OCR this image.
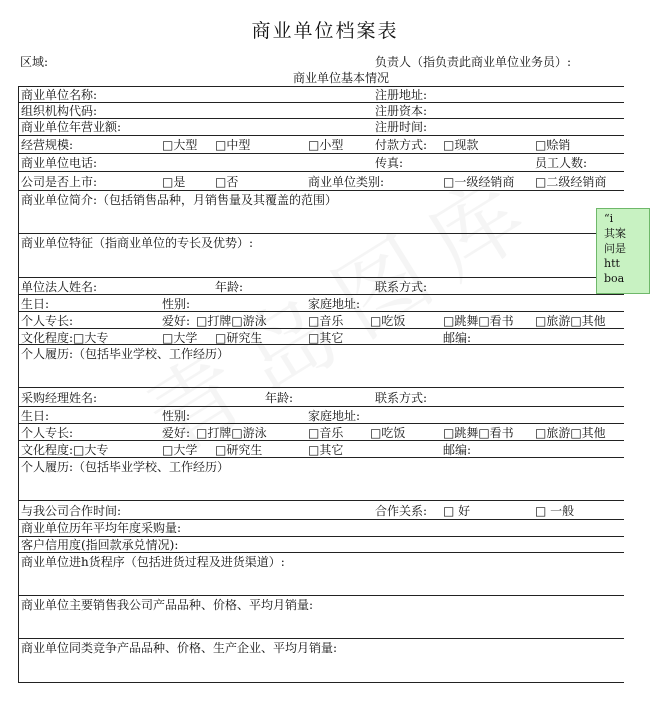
商业单位档案表
区域:	负责人（指负责此商业单位业务员）:
商业单位基本情况
商业单位名称:	注册地址:
组织机构代码:	注册资本:
商业单位年营业额:	注册时间:
经营规模:	□大型 □中型	□小型	付款方式: □现款	□赊销
商业单位电话:	传真:	员工人数:
公司是否上市:	□是 □否	商业单位类别:	□一级经销商 □二级经销商
商业单位简介:（包括销售品种，月销售量及其覆盖的范围）
商业单位特征（指商业单位的专长及优势）:
单位法人姓名:	年龄:	联系方式:
生日:	性别:	家庭地址:
个人专长:	爱好: □打牌□游泳	□音乐 □吃饭	□跳舞□看书 □旅游□其他
文化程度:□大专	□大学 □研究生	□其它	邮编:
个人履历:（包括毕业学校、工作经历）
采购经理姓名:	年龄:	联系方式:
生日:	性别:	家庭地址:
个人专长:	爱好: □打牌□游泳	□音乐 □吃饭	□跳舞□看书 □旅游□其他
文化程度:□大专	□大学 □研究生	□其它	邮编:
个人履历:（包括毕业学校、工作经历）
与我公司合作时间:	合作关系: □ 好	□ 一般
商业单位历年平均年度采购量:
客户信用度(指回款承兑情况):
商业单位进h货程序（包括进货过程及进货渠道）:
商业单位主要销售我公司产品品种、价格、平均月销量:
商业单位同类竞争产品品种、价格、生产企业、平均月销量:
“i
其案
问是
htt
boa
